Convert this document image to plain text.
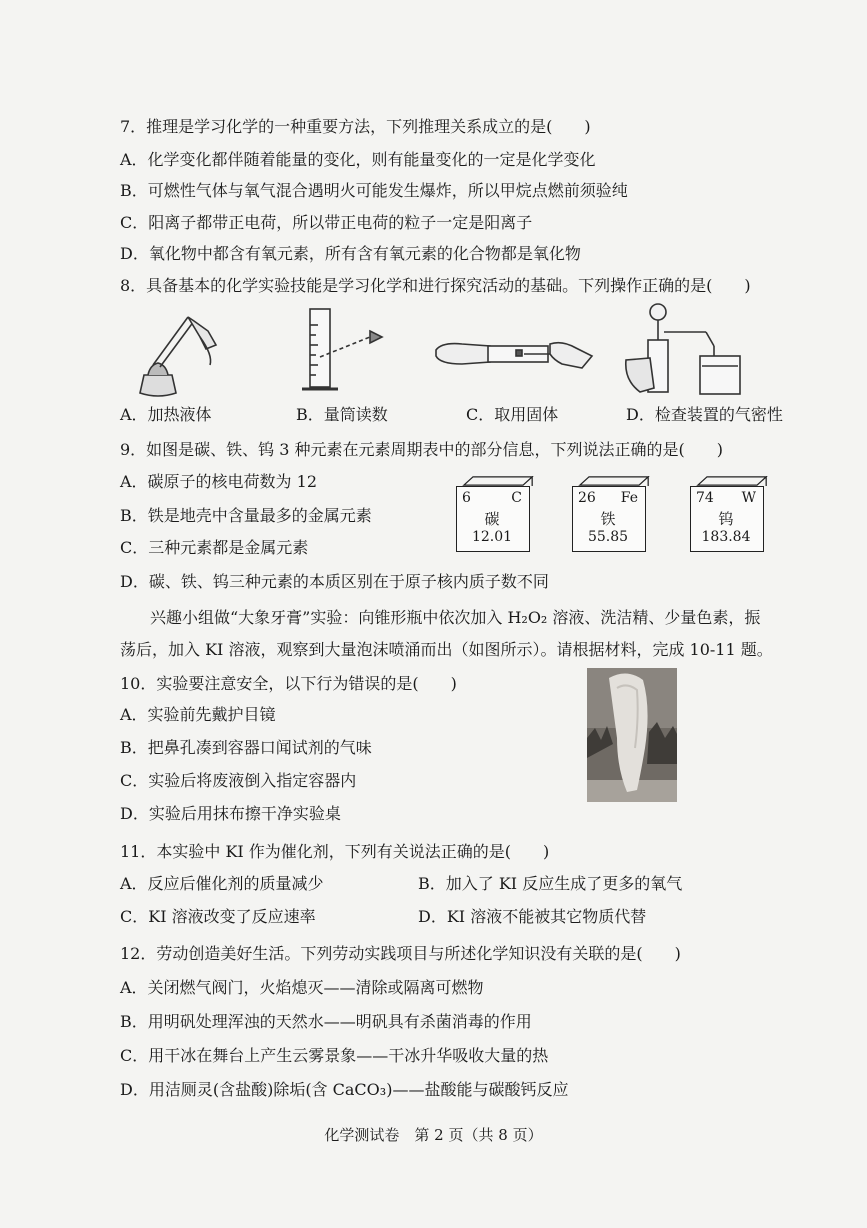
7．推理是学习化学的一种重要方法，下列推理关系成立的是(　　)
A．化学变化都伴随着能量的变化，则有能量变化的一定是化学变化
B．可燃性气体与氧气混合遇明火可能发生爆炸，所以甲烷点燃前须验纯
C．阳离子都带正电荷，所以带正电荷的粒子一定是阳离子
D．氧化物中都含有氧元素，所有含有氧元素的化合物都是氧化物
8．具备基本的化学实验技能是学习化学和进行探究活动的基础。下列操作正确的是(　　)
A．加热液体	B．量筒读数	C．取用固体	D．检查装置的气密性
9．如图是碳、铁、钨 3 种元素在元素周期表中的部分信息，下列说法正确的是(　　)
A．碳原子的核电荷数为 12
B．铁是地壳中含量最多的金属元素
C．三种元素都是金属元素
D．碳、铁、钨三种元素的本质区别在于原子核内质子数不同
6	C
碳
12.01
26 Fe
铁
55.85
74 W
钨
183.84
兴趣小组做“大象牙膏”实验：向锥形瓶中依次加入 H₂O₂ 溶液、洗洁精、少量色素，振
荡后，加入 KI 溶液，观察到大量泡沫喷涌而出（如图所示）。请根据材料，完成 10-11 题。
10．实验要注意安全，以下行为错误的是(　　)
A．实验前先戴护目镜
B．把鼻孔凑到容器口闻试剂的气味
C．实验后将废液倒入指定容器内
D．实验后用抹布擦干净实验桌
11．本实验中 KI 作为催化剂，下列有关说法正确的是(　　)
A．反应后催化剂的质量减少	B．加入了 KI 反应生成了更多的氧气
C．KI 溶液改变了反应速率	D．KI 溶液不能被其它物质代替
12．劳动创造美好生活。下列劳动实践项目与所述化学知识没有关联的是(　　)
A．关闭燃气阀门，火焰熄灭——清除或隔离可燃物
B．用明矾处理浑浊的天然水——明矾具有杀菌消毒的作用
C．用干冰在舞台上产生云雾景象——干冰升华吸收大量的热
D．用洁厕灵(含盐酸)除垢(含 CaCO₃)——盐酸能与碳酸钙反应
化学测试卷　第 2 页（共 8 页）
